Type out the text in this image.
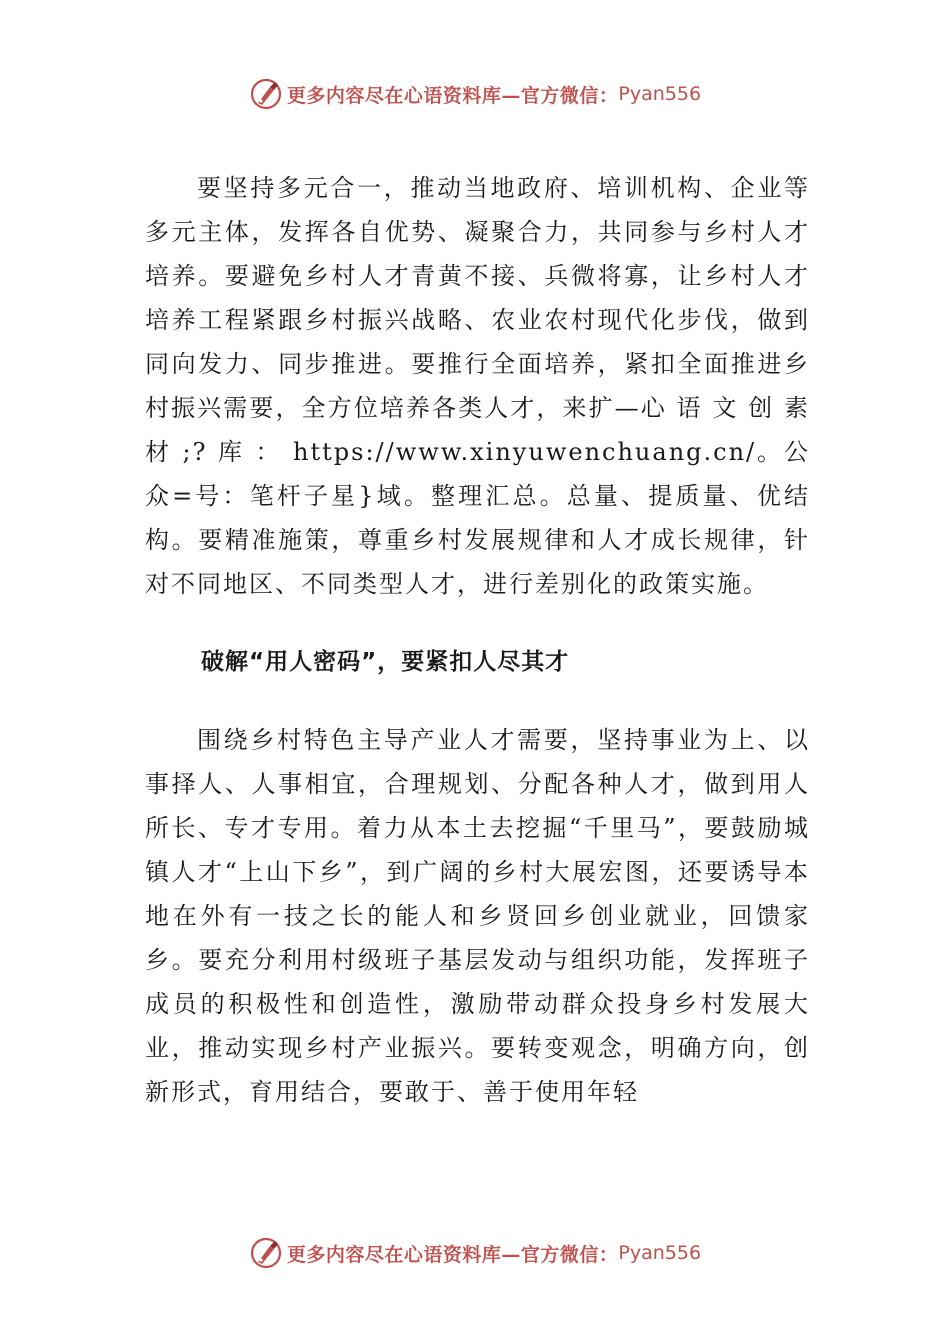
更多内容尽在心语资料库—官方微信： Pyan556

要坚持多元合一，推动当地政府、培训机构、企业等多元主体，发挥各自优势、凝聚合力，共同参与乡村人才培养。要避免乡村人才青黄不接、兵微将寡，让乡村人才培养工程紧跟乡村振兴战略、农业农村现代化步伐，做到同向发力、同步推进。要推行全面培养，紧扣全面推进乡村振兴需要，全方位培养各类人才，来扩—心 语 文 创 素 材 ;? 库 ： https://www.xinyuwenchuang.cn/。公众=号：笔杆子星}域。整理汇总。总量、提质量、优结构。要精准施策，尊重乡村发展规律和人才成长规律，针对不同地区、不同类型人才，进行差别化的政策实施。

破解“用人密码”，要紧扣人尽其才

围绕乡村特色主导产业人才需要，坚持事业为上、以事择人、人事相宜，合理规划、分配各种人才，做到用人所长、专才专用。着力从本土去挖掘“千里马”，要鼓励城镇人才“上山下乡”，到广阔的乡村大展宏图，还要诱导本地在外有一技之长的能人和乡贤回乡创业就业，回馈家乡。要充分利用村级班子基层发动与组织功能，发挥班子成员的积极性和创造性，激励带动群众投身乡村发展大业，推动实现乡村产业振兴。要转变观念，明确方向，创新形式，育用结合，要敢于、善于使用年轻

更多内容尽在心语资料库—官方微信： Pyan556
